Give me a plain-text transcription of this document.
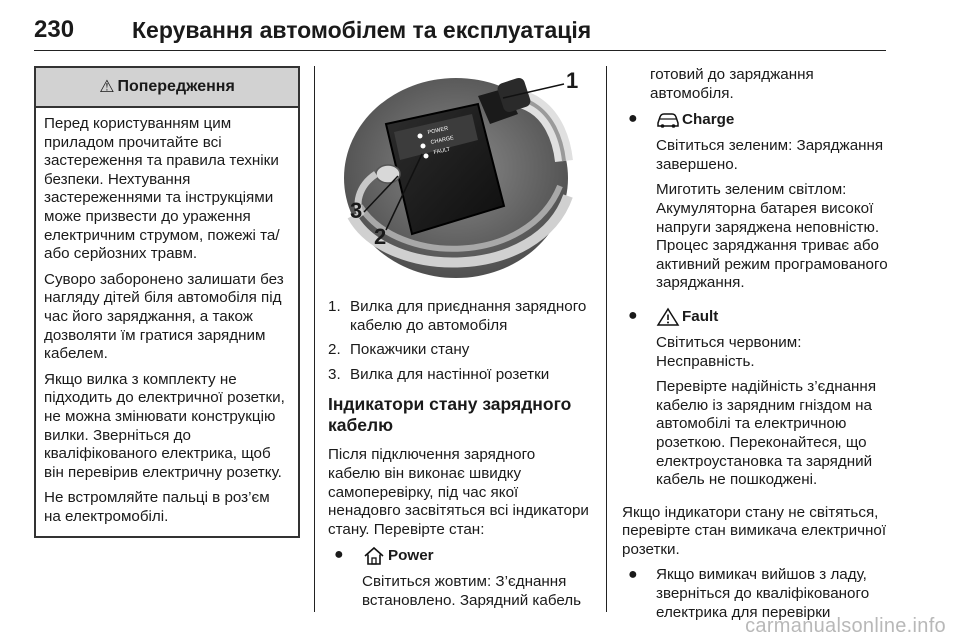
230	Керування автомобілем та експлуатація
⚠ Попередження

Перед користуванням цим приладом прочитайте всі застереження та правила техніки безпеки. Нехтування застереженнями та інструкціями може призвести до ураження електричним струмом, пожежі та/або серйозних травм.

Суворо заборонено залишати без нагляду дітей біля автомобіля під час його заряджання, а також дозволяти їм гратися зарядним кабелем.

Якщо вилка з комплекту не підходить до електричної розетки, не можна змінювати конструкцію вилки. Зверніться до кваліфікованого електрика, щоб він перевірив електричну розетку.

Не встромляйте пальці в роз’єм на електромобілі.

POWER
CHARGE
FAULT
1
2
3
1. Вилка для приєднання зарядного кабелю до автомобіля
2. Покажчики стану
3. Вилка для настінної розетки

Індикатори стану зарядного кабелю

Після підключення зарядного кабелю він виконає швидку самоперевірку, під час якої ненадовго засвітяться всі індикатори стану. Перевірте стан:

●	Power

Світиться жовтим: З’єднання встановлено. Зарядний кабель

готовий до заряджання автомобіля.

●	Charge

Світиться зеленим: Заряджання завершено.

Миготить зеленим світлом: Акумуляторна батарея високої напруги заряджена неповністю. Процес заряджання триває або активний режим програмованого заряджання.

●	Fault

Світиться червоним: Несправність.

Перевірте надійність з’єднання кабелю із зарядним гніздом на автомобілі та електричною розеткою. Переконайтеся, що електроустановка та зарядний кабель не пошкоджені.

Якщо індикатори стану не світяться, перевірте стан вимикача електричної розетки.

●	Якщо вимикач вийшов з ладу, зверніться до кваліфікованого електрика для перевірки

carmanualsonline.info
